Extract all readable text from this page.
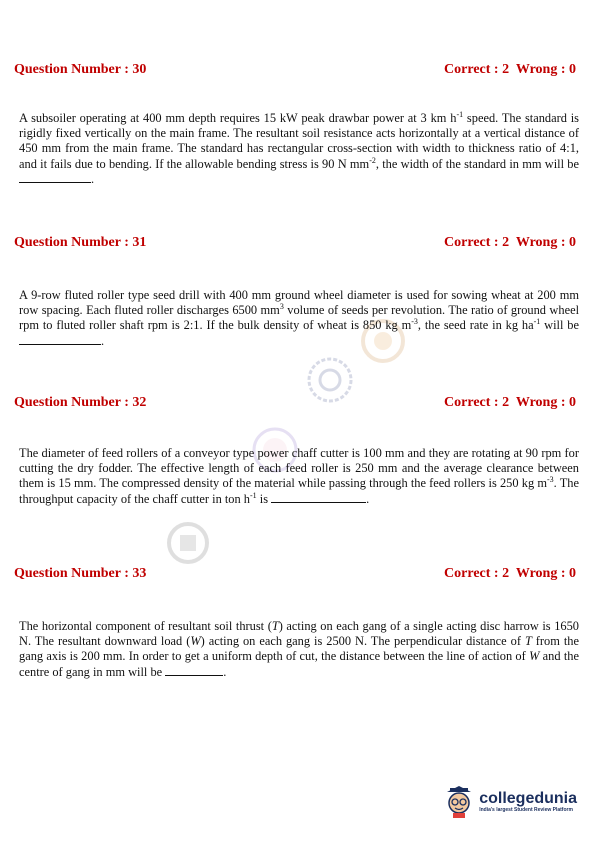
Question Number : 30	Correct : 2  Wrong : 0
A subsoiler operating at 400 mm depth requires 15 kW peak drawbar power at 3 km $h^{-1}$ speed. The standard is rigidly fixed vertically on the main frame. The resultant soil resistance acts horizontally at a vertical distance of 450 mm from the main frame. The standard has rectangular cross-section with width to thickness ratio of 4:1, and it fails due to bending. If the allowable bending stress is 90 N $mm^{-2}$, the width of the standard in mm will be .
Question Number : 31	Correct : 2  Wrong : 0
A 9-row fluted roller type seed drill with 400 mm ground wheel diameter is used for sowing wheat at 200 mm row spacing. Each fluted roller discharges 6500 $mm^3$ volume of seeds per revolution. The ratio of ground wheel rpm to fluted roller shaft rpm is 2:1. If the bulk density of wheat is 850 kg $m^{-3}$, the seed rate in kg $ha^{-1}$ will be .
Question Number : 32	Correct : 2  Wrong : 0
The diameter of feed rollers of a conveyor type power chaff cutter is 100 mm and they are rotating at 90 rpm for cutting the dry fodder. The effective length of each feed roller is 250 mm and the average clearance between them is 15 mm. The compressed density of the material while passing through the feed rollers is 250 kg $m^{-3}$. The throughput capacity of the chaff cutter in ton $h^{-1}$ is	.
Question Number : 33	Correct : 2  Wrong : 0
The horizontal component of resultant soil thrust (T) acting on each gang of a single acting disc harrow is 1650 N. The resultant downward load (W) acting on each gang is 2500 N. The perpendicular distance of T from the gang axis is 200 mm. In order to get a uniform depth of cut, the distance between the line of action of W and the centre of gang in mm will be	.
collegedunia
India's largest Student Review Platform
